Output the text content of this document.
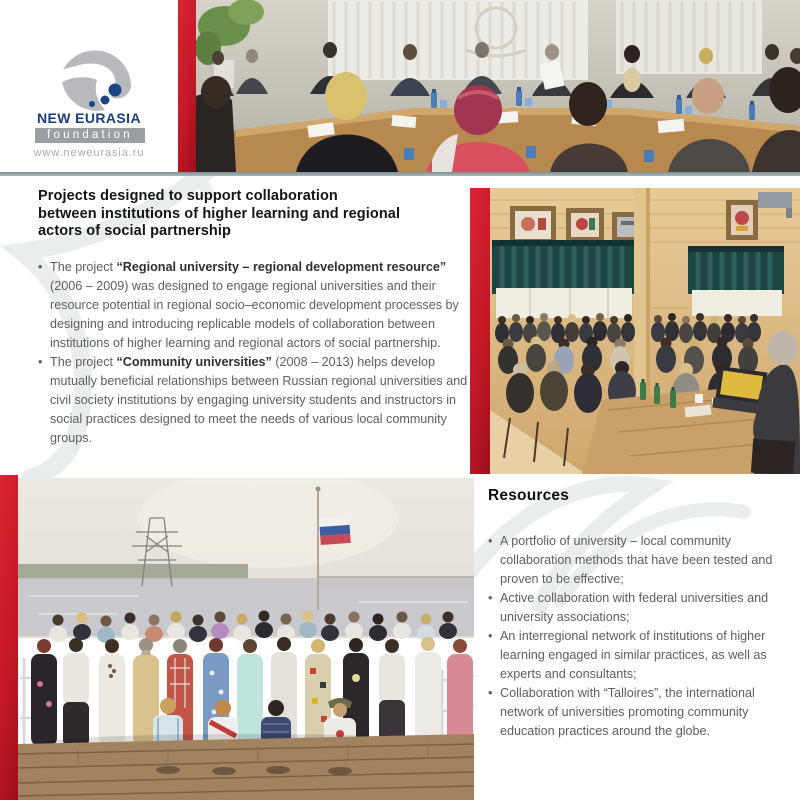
NEW EURASIA
foundation
www.neweurasia.ru
Projects designed to support collaboration
between institutions of higher learning and regional
actors of social partnership
• The project “Regional university – regional development resource” (2006 – 2009) was designed to engage regional universities and their resource potential in regional socio–economic development processes by designing and introducing replicable models of collaboration between institutions of higher learning and regional actors of social partnership.
• The project “Community universities” (2008 – 2013) helps develop mutually beneficial relationships between Russian regional universities and civil society institutions by engaging university students and instructors in social practices designed to meet the needs of various local community groups.
Resources
• A portfolio of university – local community collaboration methods that have been tested and proven to be effective;
• Active collaboration with federal universities and university associations;
• An interregional network of institutions of higher learning engaged in similar practices, as well as experts and consultants;
• Collaboration with “Talloires”, the international network of universities promoting community education practices around the globe.
